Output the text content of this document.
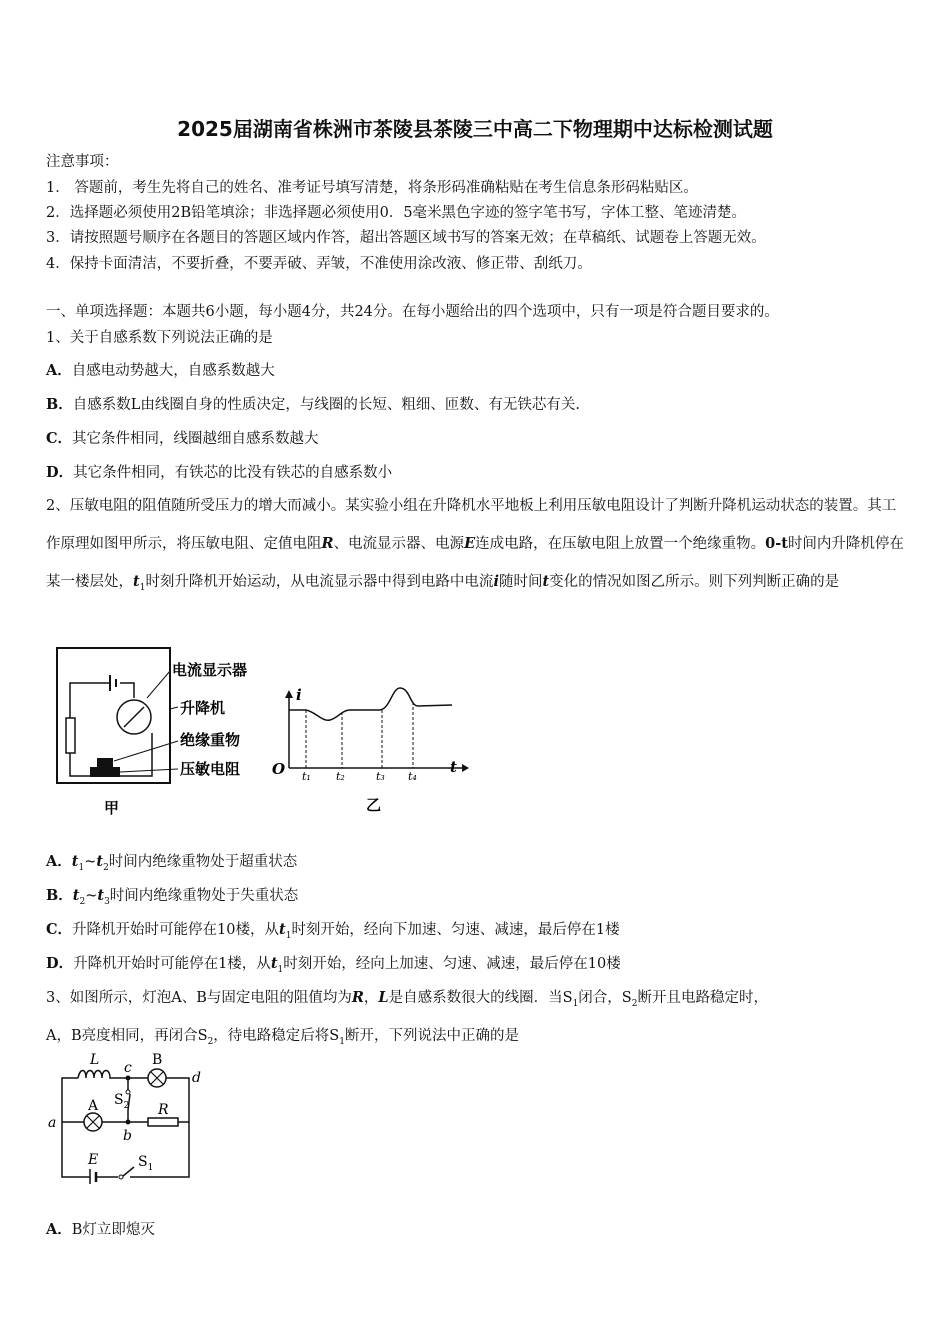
2025届湖南省株洲市茶陵县茶陵三中高二下物理期中达标检测试题
注意事项：
1． 答题前，考生先将自己的姓名、准考证号填写清楚，将条形码准确粘贴在考生信息条形码粘贴区。
2．选择题必须使用2B铅笔填涂；非选择题必须使用0．5毫米黑色字迹的签字笔书写，字体工整、笔迹清楚。
3．请按照题号顺序在各题目的答题区域内作答，超出答题区域书写的答案无效；在草稿纸、试题卷上答题无效。
4．保持卡面清洁，不要折叠，不要弄破、弄皱，不准使用涂改液、修正带、刮纸刀。
一、单项选择题：本题共6小题，每小题4分，共24分。在每小题给出的四个选项中，只有一项是符合题目要求的。
1、关于自感系数下列说法正确的是
A．自感电动势越大，自感系数越大
B．自感系数L由线圈自身的性质决定，与线圈的长短、粗细、匝数、有无铁芯有关.
C．其它条件相同，线圈越细自感系数越大
D．其它条件相同，有铁芯的比没有铁芯的自感系数小
2、压敏电阻的阻值随所受压力的增大而减小。某实验小组在升降机水平地板上利用压敏电阻设计了判断升降机运动状态的装置。其工作原理如图甲所示，将压敏电阻、定值电阻R、电流显示器、电源E连成电路，在压敏电阻上放置一个绝缘重物。0-t时间内升降机停在某一楼层处，$t_1$时刻升降机开始运动，从电流显示器中得到电路中电流i随时间t变化的情况如图乙所示。则下列判断正确的是
电流显示器
升降机
绝缘重物
压敏电阻
甲
i
O	t
t₁ t₂	t₃ t₄
乙
A．$t_1\sim t_2$时间内绝缘重物处于超重状态
B．$t_2\sim t_3$时间内绝缘重物处于失重状态
C．升降机开始时可能停在10楼，从$t_1$时刻开始，经向下加速、匀速、减速，最后停在1楼
D．升降机开始时可能停在1楼，从$t_1$时刻开始，经向上加速、匀速、减速，最后停在10楼
3、如图所示，灯泡A、B与固定电阻的阻值均为R，L是自感系数很大的线圈．当$S_1$闭合，$S_2$断开且电路稳定时，
A，B亮度相同，再闭合$S_2$，待电路稳定后将$S_1$断开，下列说法中正确的是
L	B
c
d
$S_2$
A	R
a
b
E	$S_1$
A．B灯立即熄灭
